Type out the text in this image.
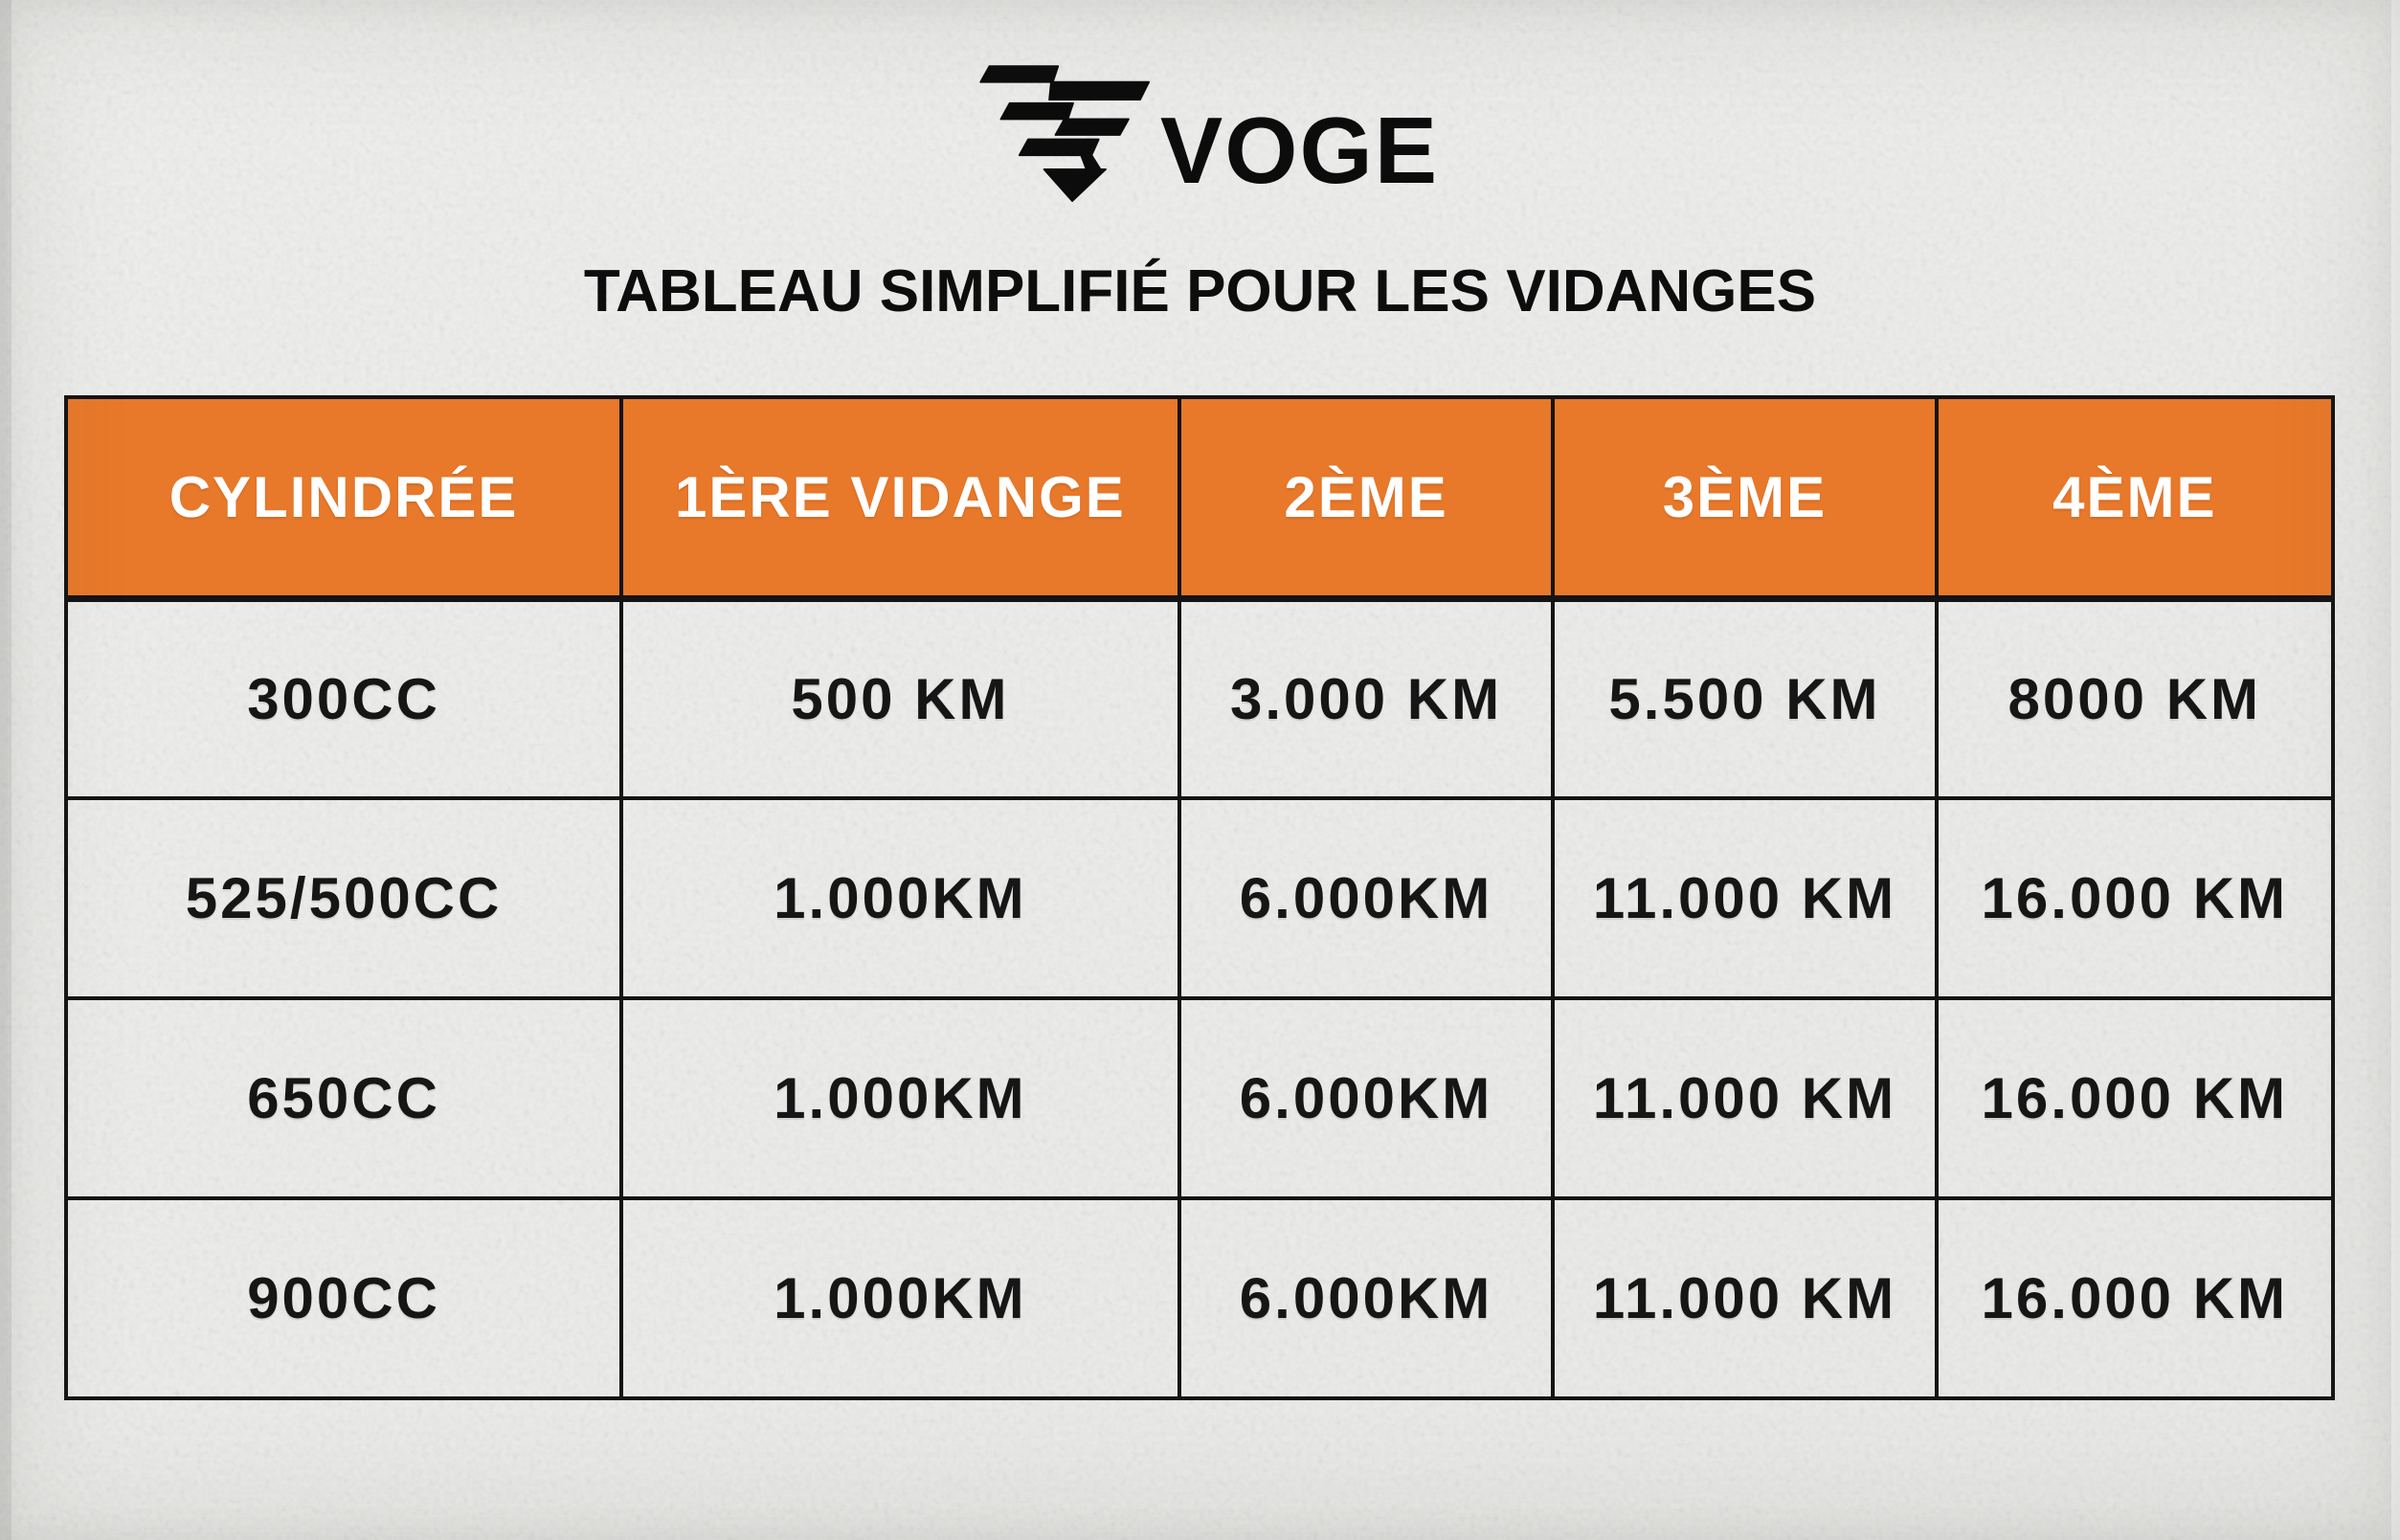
VOGE
TABLEAU SIMPLIFIÉ POUR LES VIDANGES
CYLINDRÉE	1ÈRE VIDANGE	2ÈME	3ÈME	4ÈME
300CC	500 KM	3.000 KM	5.500 KM	8000 KM
525/500CC	1.000KM	6.000KM	11.000 KM	16.000 KM
650CC	1.000KM	6.000KM	11.000 KM	16.000 KM
900CC	1.000KM	6.000KM	11.000 KM	16.000 KM
